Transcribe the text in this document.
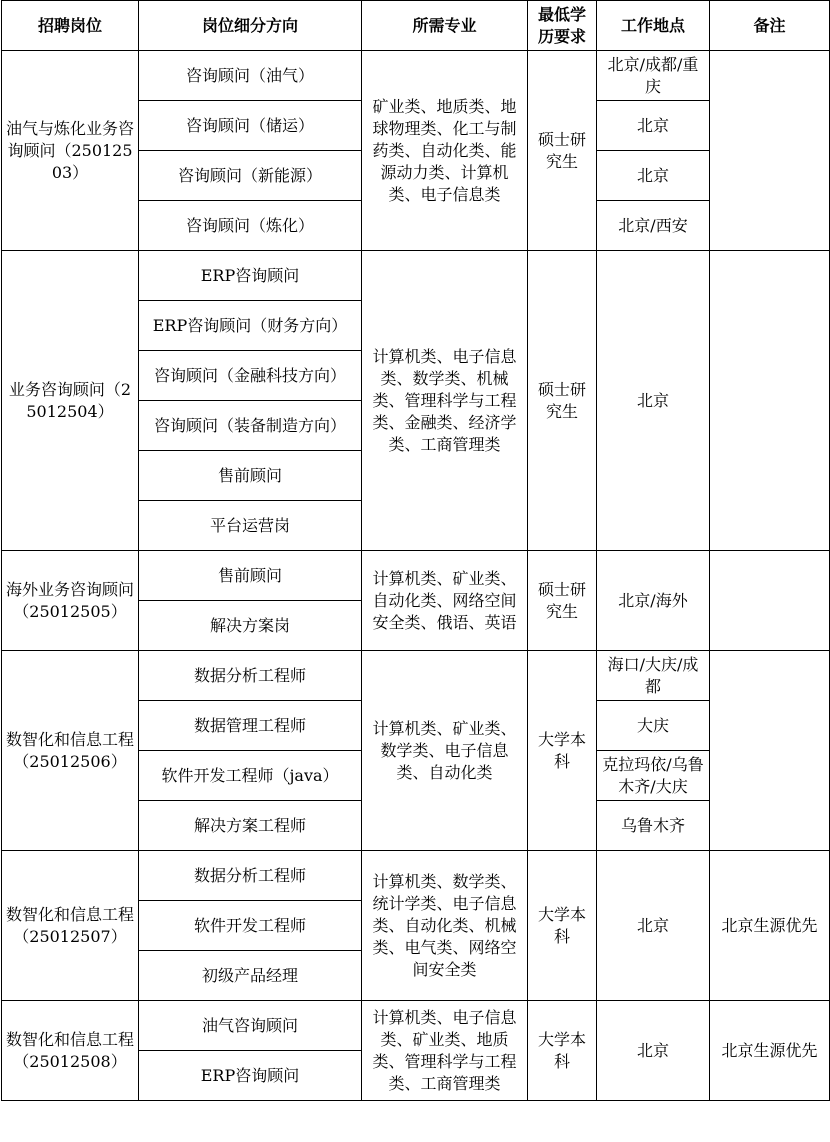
招聘岗位	岗位细分方向	所需专业	最低学历要求	工作地点	备注
油气与炼化业务咨询顾问（25012503）	咨询顾问（油气）	矿业类、地质类、地球物理类、化工与制药类、自动化类、能源动力类、计算机类、电子信息类	硕士研究生	北京/成都/重庆	
	咨询顾问（储运）			北京	
	咨询顾问（新能源）			北京	
	咨询顾问（炼化）			北京/西安	
业务咨询顾问（25012504）	ERP咨询顾问	计算机类、电子信息类、数学类、机械类、管理科学与工程类、金融类、经济学类、工商管理类	硕士研究生	北京	
	ERP咨询顾问（财务方向）				
	咨询顾问（金融科技方向）				
	咨询顾问（装备制造方向）				
	售前顾问				
	平台运营岗				
海外业务咨询顾问（25012505）	售前顾问	计算机类、矿业类、自动化类、网络空间安全类、俄语、英语	硕士研究生	北京/海外	
	解决方案岗				
数智化和信息工程（25012506）	数据分析工程师	计算机类、矿业类、数学类、电子信息类、自动化类	大学本科	海口/大庆/成都	
	数据管理工程师			大庆	
	软件开发工程师（java）			克拉玛依/乌鲁木齐/大庆	
	解决方案工程师			乌鲁木齐	
数智化和信息工程（25012507）	数据分析工程师	计算机类、数学类、统计学类、电子信息类、自动化类、机械类、电气类、网络空间安全类	大学本科	北京	北京生源优先
	软件开发工程师				
	初级产品经理				
数智化和信息工程（25012508）	油气咨询顾问	计算机类、电子信息类、矿业类、地质类、管理科学与工程类、工商管理类	大学本科	北京	北京生源优先
	ERP咨询顾问				
